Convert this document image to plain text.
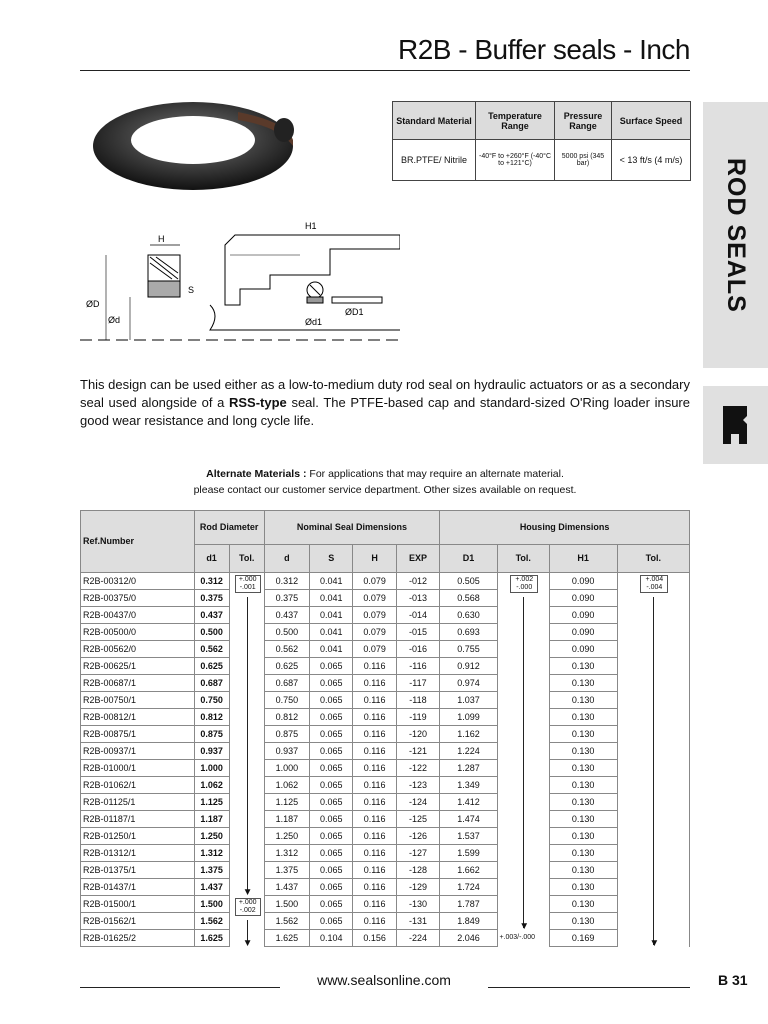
R2B - Buffer seals - Inch
ROD SEALS
Standard Material	Temperature Range	Pressure Range	Surface Speed
BR.PTFE/ Nitrile	-40°F to +260°F (-40°C to +121°C)	5000 psi (345 bar)	< 13 ft/s (4 m/s)
H
S
ØD
Ød
H1
Ød1
ØD1
This design can be used either as a low-to-medium duty rod seal on hydraulic actuators or as a secondary seal used alongside of a RSS-type seal. The PTFE-based cap and standard-sized O'Ring loader insure good wear resistance and long cycle life.
Alternate Materials : For applications that may require an alternate material.
please contact our customer service department. Other sizes available on request.
Ref.Number	Rod Diameter		Nominal Seal Dimensions				Housing Dimensions			
	d1	Tol.	d	S	H	EXP	D1	Tol.	H1	Tol.
R2B-00312/0	0.312		0.312	0.041	0.079	-012	0.505		0.090	
R2B-00375/0	0.375		0.375	0.041	0.079	-013	0.568		0.090	
R2B-00437/0	0.437		0.437	0.041	0.079	-014	0.630		0.090	
R2B-00500/0	0.500		0.500	0.041	0.079	-015	0.693		0.090	
R2B-00562/0	0.562		0.562	0.041	0.079	-016	0.755		0.090	
R2B-00625/1	0.625		0.625	0.065	0.116	-116	0.912		0.130	
R2B-00687/1	0.687		0.687	0.065	0.116	-117	0.974		0.130	
R2B-00750/1	0.750		0.750	0.065	0.116	-118	1.037		0.130	
R2B-00812/1	0.812		0.812	0.065	0.116	-119	1.099		0.130	
R2B-00875/1	0.875		0.875	0.065	0.116	-120	1.162		0.130	
R2B-00937/1	0.937		0.937	0.065	0.116	-121	1.224		0.130	
R2B-01000/1	1.000		1.000	0.065	0.116	-122	1.287		0.130	
R2B-01062/1	1.062		1.062	0.065	0.116	-123	1.349		0.130	
R2B-01125/1	1.125		1.125	0.065	0.116	-124	1.412		0.130	
R2B-01187/1	1.187		1.187	0.065	0.116	-125	1.474		0.130	
R2B-01250/1	1.250		1.250	0.065	0.116	-126	1.537		0.130	
R2B-01312/1	1.312		1.312	0.065	0.116	-127	1.599		0.130	
R2B-01375/1	1.375		1.375	0.065	0.116	-128	1.662		0.130	
R2B-01437/1	1.437		1.437	0.065	0.116	-129	1.724		0.130	
R2B-01500/1	1.500		1.500	0.065	0.116	-130	1.787		0.130	
R2B-01562/1	1.562		1.562	0.065	0.116	-131	1.849		0.130	
R2B-01625/2	1.625		1.625	0.104	0.156	-224	2.046		0.169	
+.000
-.001
▼
+.000
-.002
▼
+.002
-.000
▼
+.003/-.000
+.004
-.004
▼
www.sealsonline.com	B 31
